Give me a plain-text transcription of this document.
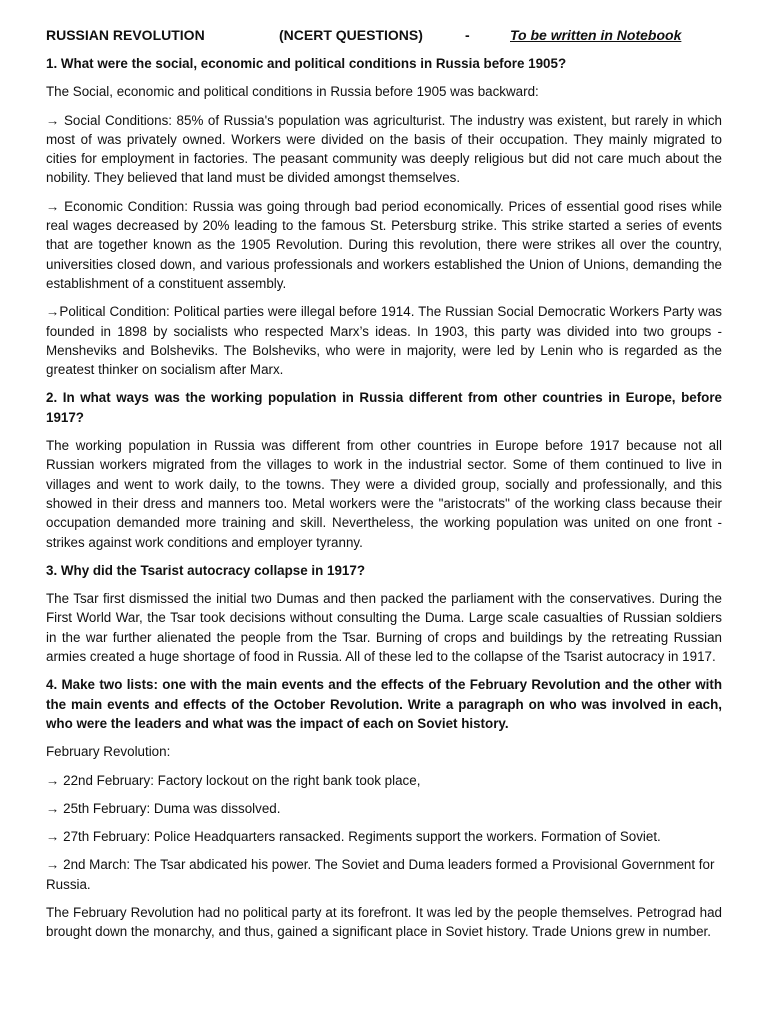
RUSSIAN REVOLUTION	(NCERT QUESTIONS)	-	To be written in Notebook
1. What were the social, economic and political conditions in Russia before 1905?

The Social, economic and political conditions in Russia before 1905 was backward:

→ Social Conditions: 85% of Russia's population was agriculturist. The industry was existent, but rarely in which most of was privately owned. Workers were divided on the basis of their occupation. They mainly migrated to cities for employment in factories. The peasant community was deeply religious but did not care much about the nobility. They believed that land must be divided amongst themselves.

→ Economic Condition: Russia was going through bad period economically. Prices of essential good rises while real wages decreased by 20% leading to the famous St. Petersburg strike. This strike started a series of events that are together known as the 1905 Revolution. During this revolution, there were strikes all over the country, universities closed down, and various professionals and workers established the Union of Unions, demanding the establishment of a constituent assembly.

→Political Condition: Political parties were illegal before 1914. The Russian Social Democratic Workers Party was founded in 1898 by socialists who respected Marx’s ideas. In 1903, this party was divided into two groups - Mensheviks and Bolsheviks. The Bolsheviks, who were in majority, were led by Lenin who is regarded as the greatest thinker on socialism after Marx.

2. In what ways was the working population in Russia different from other countries in Europe, before 1917?

The working population in Russia was different from other countries in Europe before 1917 because not all Russian workers migrated from the villages to work in the industrial sector. Some of them continued to live in villages and went to work daily, to the towns. They were a divided group, socially and professionally, and this showed in their dress and manners too. Metal workers were the "aristocrats" of the working class because their occupation demanded more training and skill. Nevertheless, the working population was united on one front - strikes against work conditions and employer tyranny.

3. Why did the Tsarist autocracy collapse in 1917?

The Tsar first dismissed the initial two Dumas and then packed the parliament with the conservatives. During the First World War, the Tsar took decisions without consulting the Duma. Large scale casualties of Russian soldiers in the war further alienated the people from the Tsar. Burning of crops and buildings by the retreating Russian armies created a huge shortage of food in Russia. All of these led to the collapse of the Tsarist autocracy in 1917.

4. Make two lists: one with the main events and the effects of the February Revolution and the other with the main events and effects of the October Revolution. Write a paragraph on who was involved in each, who were the leaders and what was the impact of each on Soviet history.

February Revolution:

→ 22nd February: Factory lockout on the right bank took place,

→ 25th February: Duma was dissolved.

→ 27th February: Police Headquarters ransacked. Regiments support the workers. Formation of Soviet.

→ 2nd March: The Tsar abdicated his power. The Soviet and Duma leaders formed a Provisional Government for Russia.

The February Revolution had no political party at its forefront. It was led by the people themselves. Petrograd had brought down the monarchy, and thus, gained a significant place in Soviet history. Trade Unions grew in number.
